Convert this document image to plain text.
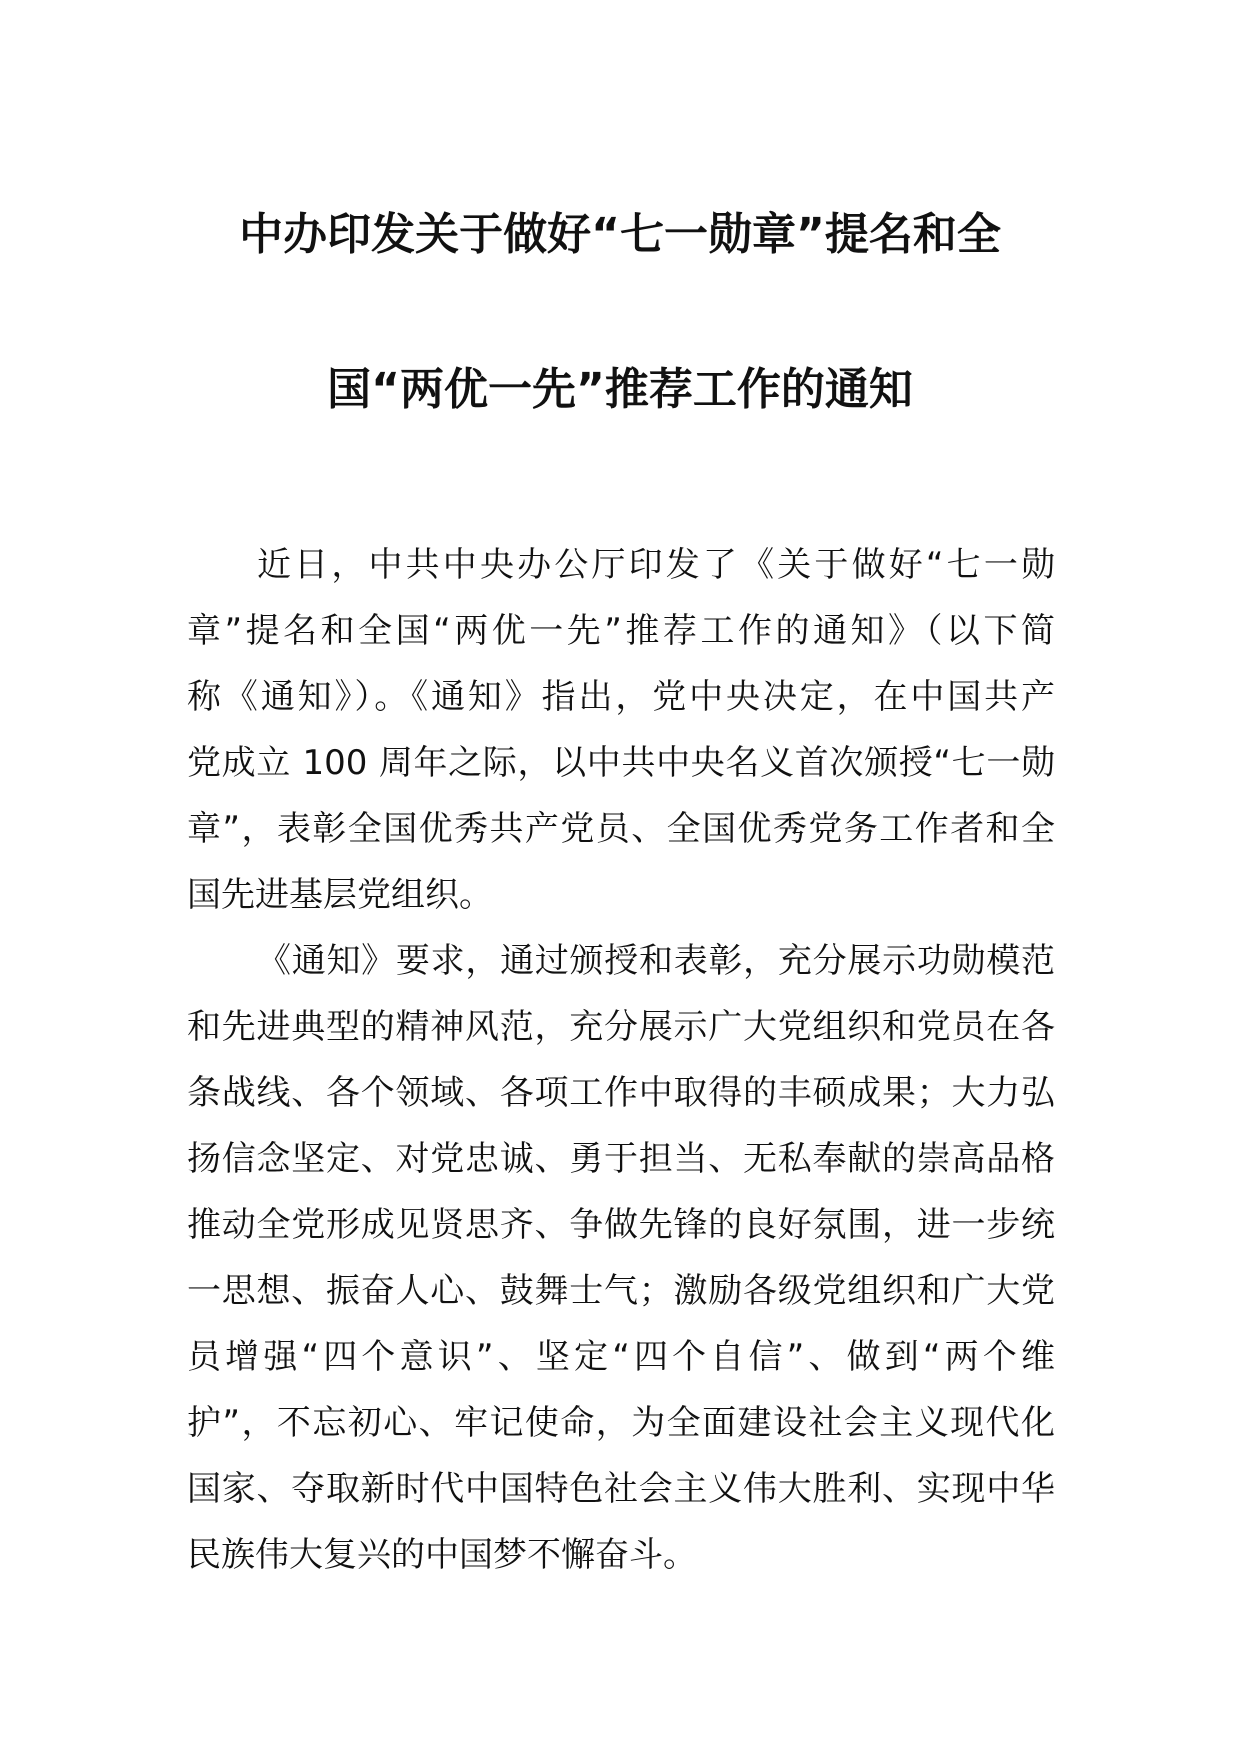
中办印发关于做好“七一勋章”提名和全
国“两优一先”推荐工作的通知
近日，中共中央办公厅印发了《关于做好“七一勋
章”提名和全国“两优一先”推荐工作的通知》（以下简
称《通知》）。《通知》指出，党中央决定，在中国共产
党成立 100 周年之际，以中共中央名义首次颁授“七一勋
章”，表彰全国优秀共产党员、全国优秀党务工作者和全
国先进基层党组织。
《通知》要求，通过颁授和表彰，充分展示功勋模范
和先进典型的精神风范，充分展示广大党组织和党员在各
条战线、各个领域、各项工作中取得的丰硕成果；大力弘
扬信念坚定、对党忠诚、勇于担当、无私奉献的崇高品格
推动全党形成见贤思齐、争做先锋的良好氛围，进一步统
一思想、振奋人心、鼓舞士气；激励各级党组织和广大党
员增强“四个意识”、坚定“四个自信”、做到“两个维
护”，不忘初心、牢记使命，为全面建设社会主义现代化
国家、夺取新时代中国特色社会主义伟大胜利、实现中华
民族伟大复兴的中国梦不懈奋斗。
